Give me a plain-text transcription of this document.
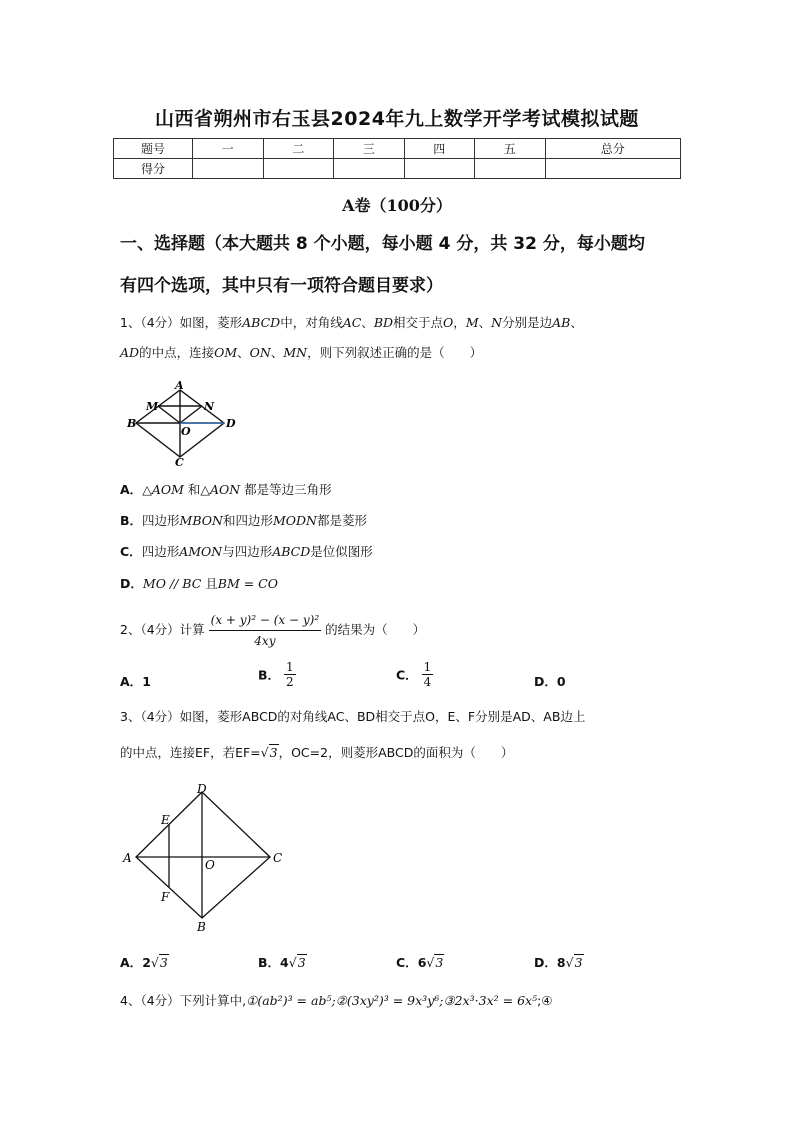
山西省朔州市右玉县2024年九上数学开学考试模拟试题
题号	一	二	三	四	五	总分
得分						
A卷（100分）
一、选择题（本大题共 8 个小题，每小题 4 分，共 32 分，每小题均
有四个选项，其中只有一项符合题目要求）
1、（4分）如图，菱形ABCD中，对角线AC、BD相交于点O，M、N分别是边AB、
AD的中点，连接OM、ON、MN，则下列叙述正确的是（　　）
A
M	N
B
O
D
C
A．△AOM 和△AON 都是等边三角形
B．四边形MBON和四边形MODN都是菱形
C．四边形AMON与四边形ABCD是位似图形
D．MO // BC 且BM = CO
2、（4分）计算 $\frac{\text{(x + y)² − (x − y)²}}{4xy}$ 的结果为（　　）
A．1	B． $\frac{1}{2}$	C． $\frac{1}{4}$	D．0
3、（4分）如图，菱形ABCD的对角线AC、BD相交于点O，E、F分别是AD、AB边上
的中点，连接EF，若EF=√3，OC=2，则菱形ABCD的面积为（　　）
D
E
A	O	C
F
B
A．2√3	B．4√3	C．6√3	D．8√3
4、（4分）下列计算中,①(ab²)³ = ab⁵;②(3xy²)³ = 9x³y⁶;③2x³·3x² = 6x⁵;④
